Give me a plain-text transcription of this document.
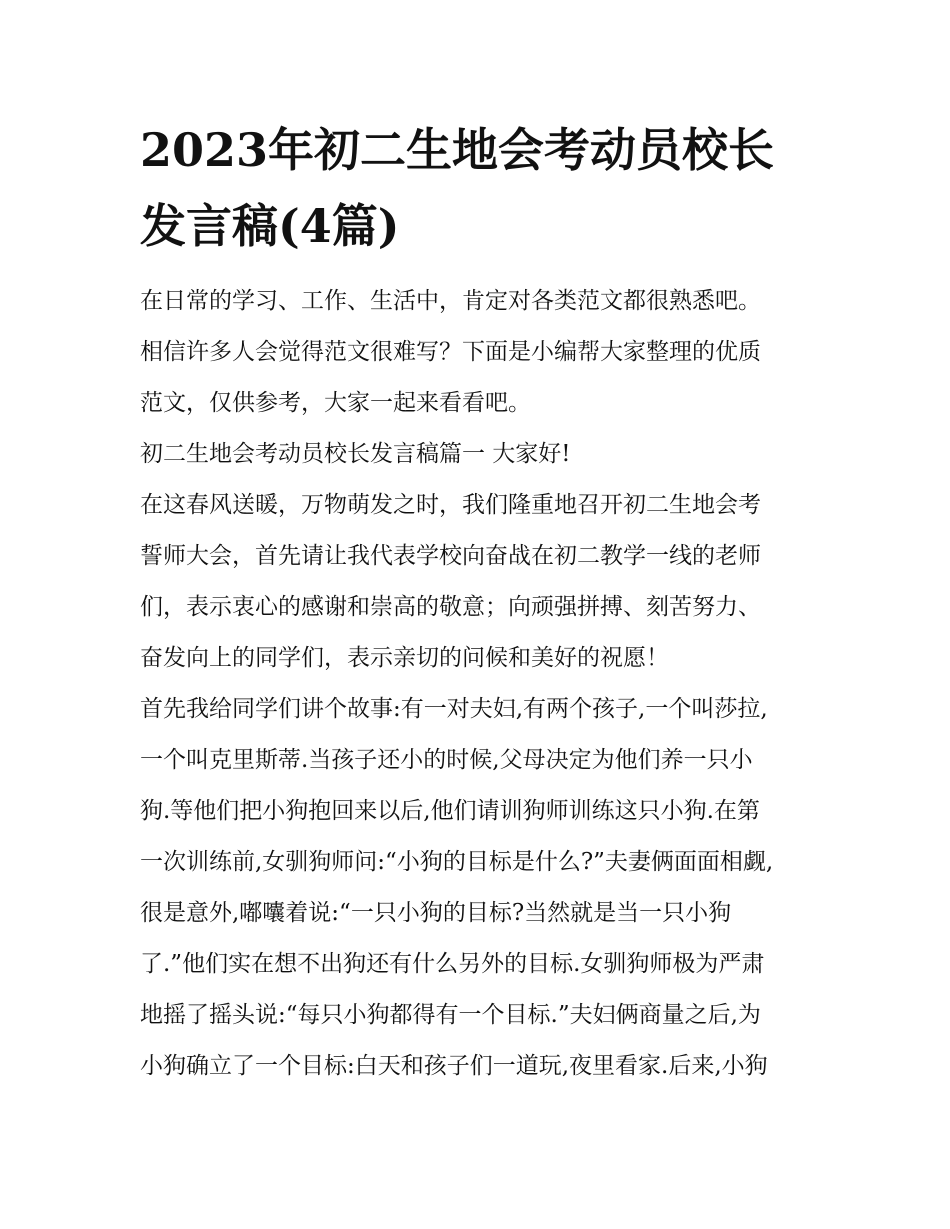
2023年初二生地会考动员校长
发言稿(4篇)
在日常的学习、工作、生活中，肯定对各类范文都很熟悉吧。
相信许多人会觉得范文很难写？下面是小编帮大家整理的优质
范文，仅供参考，大家一起来看看吧。
初二生地会考动员校长发言稿篇一 大家好!
在这春风送暖，万物萌发之时，我们隆重地召开初二生地会考
誓师大会，首先请让我代表学校向奋战在初二教学一线的老师
们，表示衷心的感谢和崇高的敬意；向顽强拼搏、刻苦努力、
奋发向上的同学们，表示亲切的问候和美好的祝愿！
首先我给同学们讲个故事:有一对夫妇,有两个孩子,一个叫莎拉,
一个叫克里斯蒂.当孩子还小的时候,父母决定为他们养一只小
狗.等他们把小狗抱回来以后,他们请训狗师训练这只小狗.在第
一次训练前,女驯狗师问:“小狗的目标是什么?”夫妻俩面面相觑,
很是意外,嘟囔着说:“一只小狗的目标?当然就是当一只小狗
了.”他们实在想不出狗还有什么另外的目标.女驯狗师极为严肃
地摇了摇头说:“每只小狗都得有一个目标.”夫妇俩商量之后,为
小狗确立了一个目标:白天和孩子们一道玩,夜里看家.后来,小狗
